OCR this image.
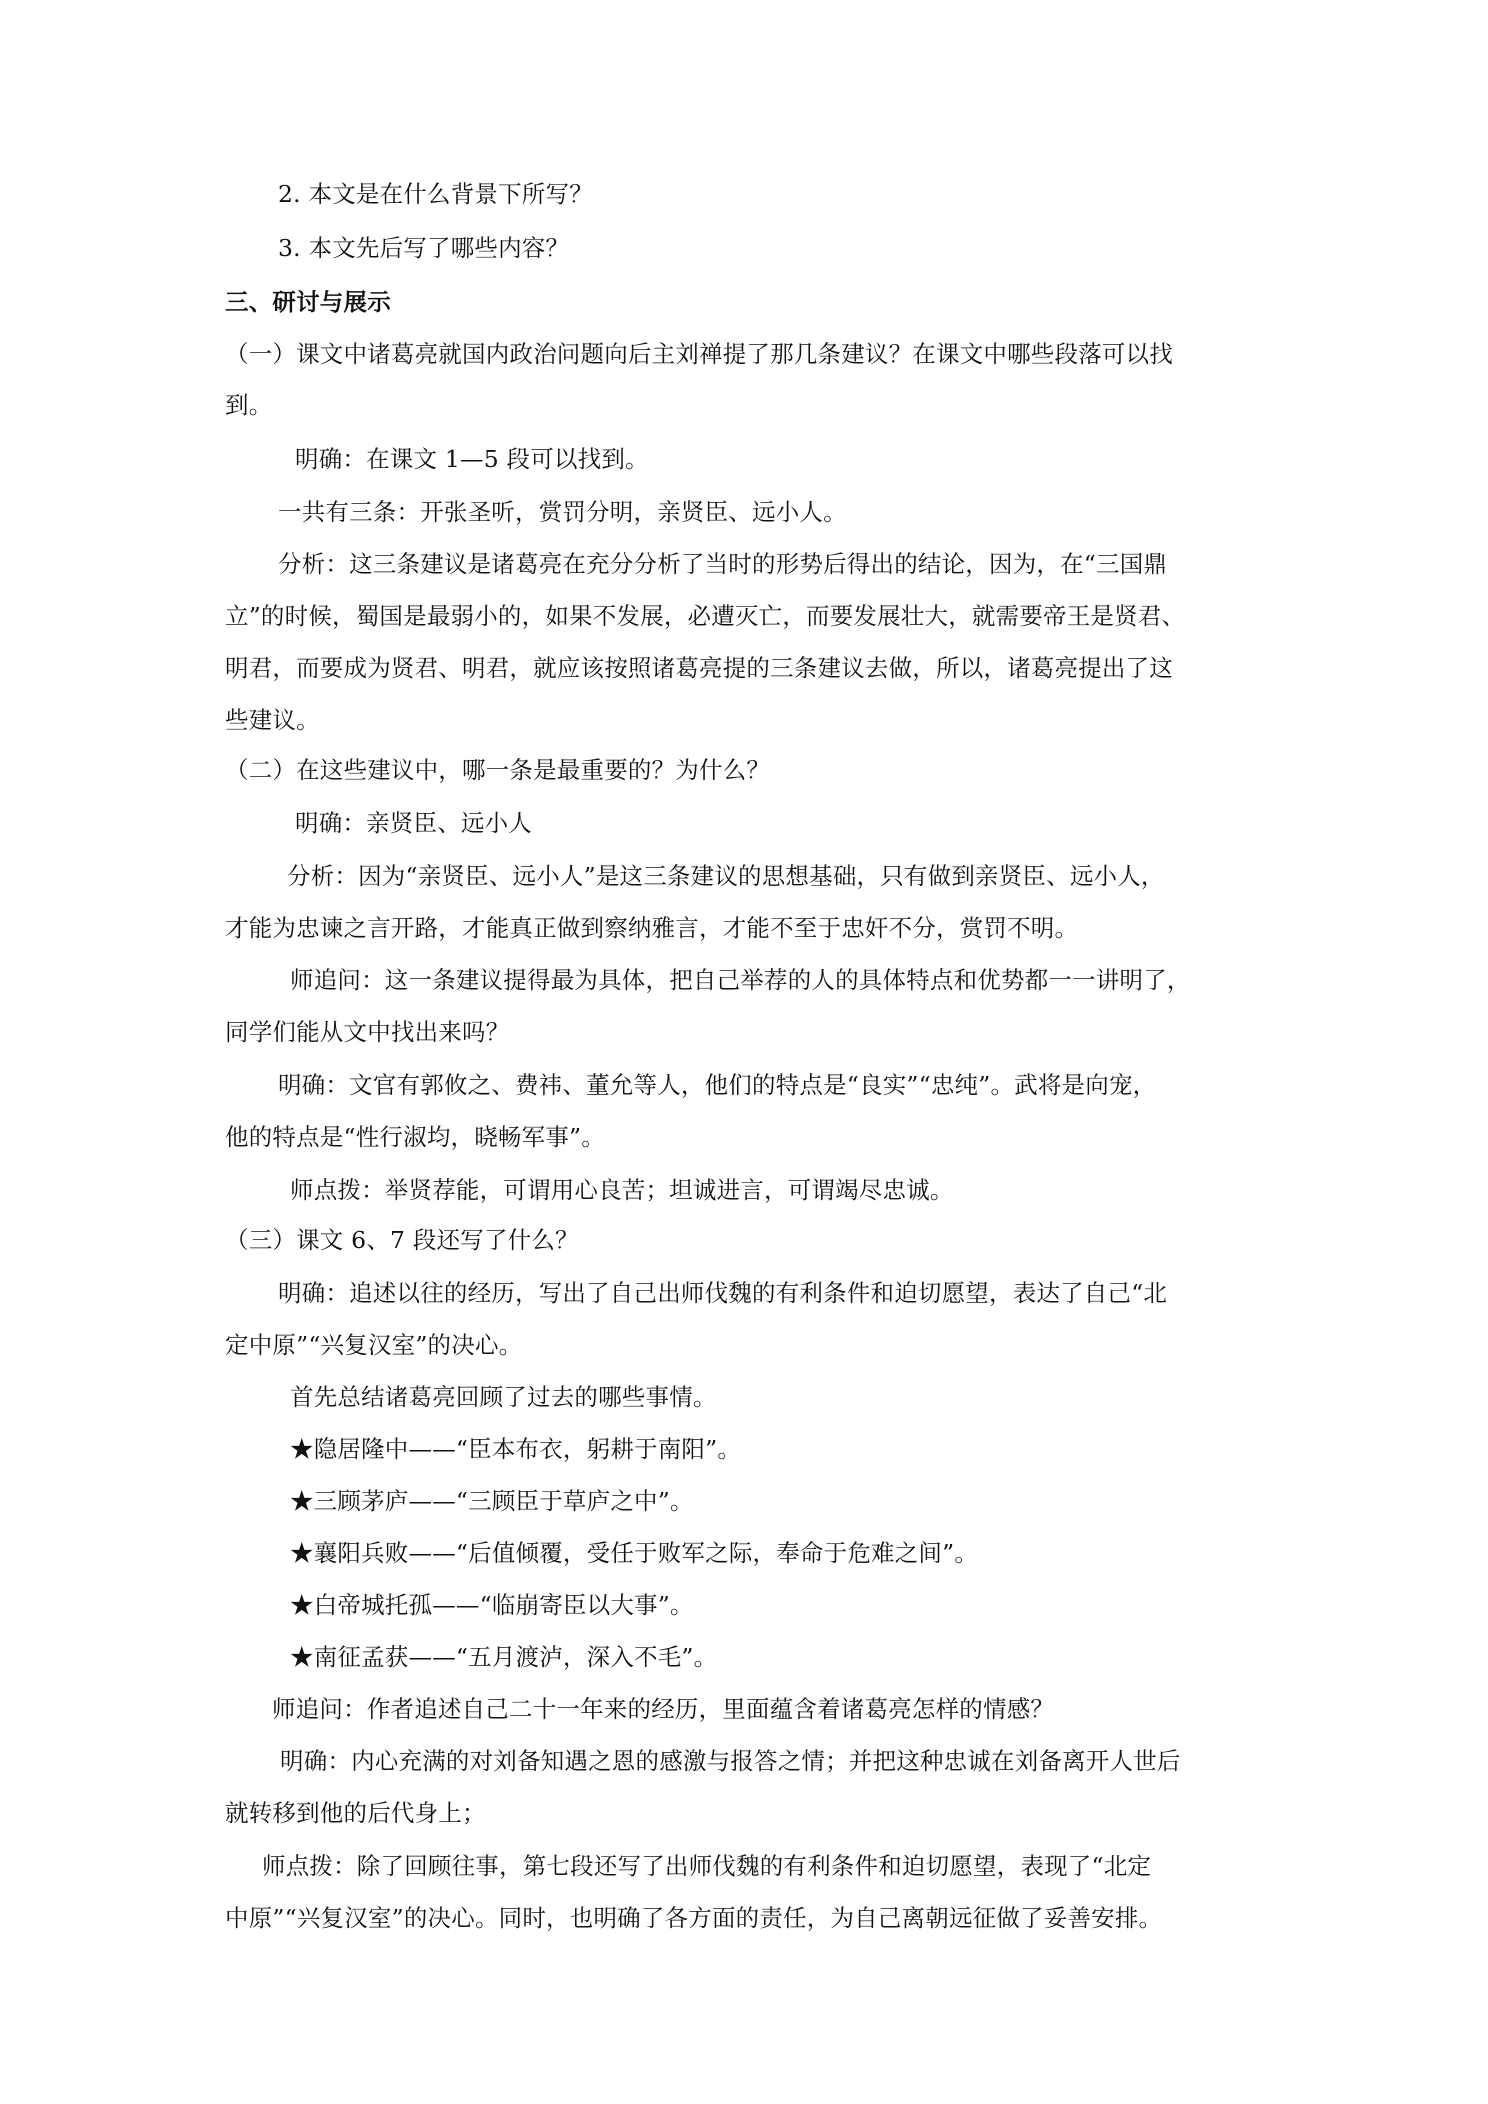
2. 本文是在什么背景下所写？
3. 本文先后写了哪些内容？
三、研讨与展示
（一）课文中诸葛亮就国内政治问题向后主刘禅提了那几条建议？在课文中哪些段落可以找
到。
明确：在课文 1—5 段可以找到。
一共有三条：开张圣听，赏罚分明，亲贤臣、远小人。
分析：这三条建议是诸葛亮在充分分析了当时的形势后得出的结论，因为，在“三国鼎
立”的时候，蜀国是最弱小的，如果不发展，必遭灭亡，而要发展壮大，就需要帝王是贤君、
明君，而要成为贤君、明君，就应该按照诸葛亮提的三条建议去做，所以，诸葛亮提出了这
些建议。
（二）在这些建议中，哪一条是最重要的？为什么？
明确：亲贤臣、远小人
分析：因为“亲贤臣、远小人”是这三条建议的思想基础，只有做到亲贤臣、远小人，
才能为忠谏之言开路，才能真正做到察纳雅言，才能不至于忠奸不分，赏罚不明。
师追问：这一条建议提得最为具体，把自己举荐的人的具体特点和优势都一一讲明了，
同学们能从文中找出来吗？
明确：文官有郭攸之、费祎、董允等人，他们的特点是“良实”“忠纯”。武将是向宠，
他的特点是“性行淑均，晓畅军事”。
师点拨：举贤荐能，可谓用心良苦；坦诚进言，可谓竭尽忠诚。
（三）课文 6、7 段还写了什么？
明确：追述以往的经历，写出了自己出师伐魏的有利条件和迫切愿望，表达了自己“北
定中原”“兴复汉室”的决心。
首先总结诸葛亮回顾了过去的哪些事情。
★隐居隆中——“臣本布衣，躬耕于南阳”。
★三顾茅庐——“三顾臣于草庐之中”。
★襄阳兵败——“后值倾覆，受任于败军之际，奉命于危难之间”。
★白帝城托孤——“临崩寄臣以大事”。
★南征孟获——“五月渡泸，深入不毛”。
师追问：作者追述自己二十一年来的经历，里面蕴含着诸葛亮怎样的情感？
明确：内心充满的对刘备知遇之恩的感激与报答之情；并把这种忠诚在刘备离开人世后
就转移到他的后代身上；
师点拨：除了回顾往事，第七段还写了出师伐魏的有利条件和迫切愿望，表现了“北定
中原”“兴复汉室”的决心。同时，也明确了各方面的责任，为自己离朝远征做了妥善安排。
